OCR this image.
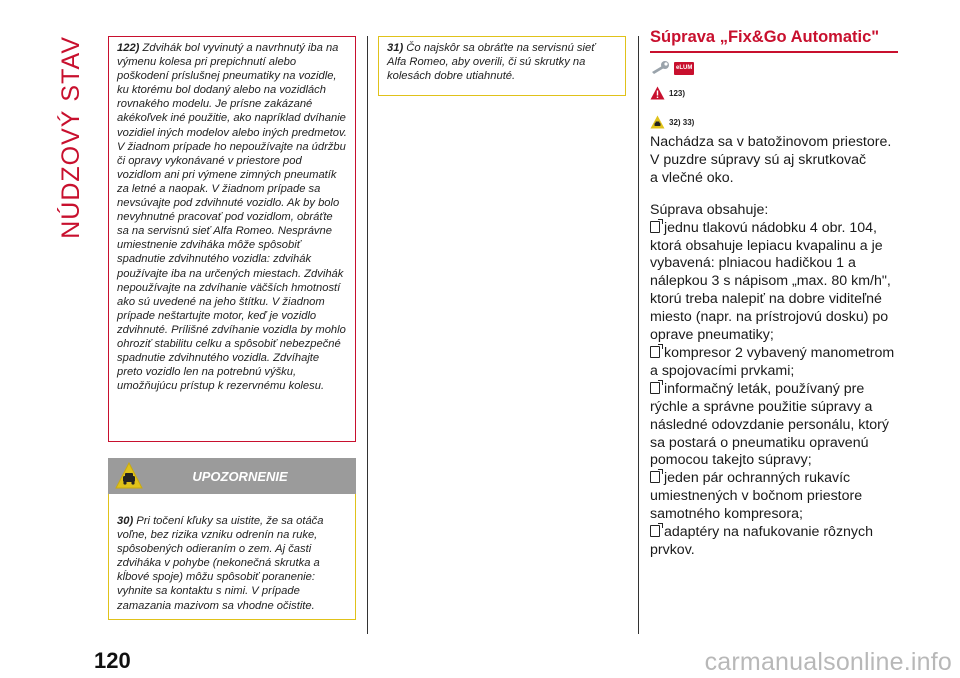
NÚDZOVÝ STAV	122) Zdvihák bol vyvinutý a navrhnutý iba na výmenu kolesa pri prepichnutí alebo poškodení príslušnej pneumatiky na vozidle, ku ktorému bol dodaný alebo na vozidlách rovnakého modelu. Je prísne zakázané akékoľvek iné použitie, ako napríklad dvíhanie vozidiel iných modelov alebo iných predmetov. V žiadnom prípade ho nepoužívajte na údržbu či opravy vykonávané v priestore pod vozidlom ani pri výmene zimných pneumatík za letné a naopak. V žiadnom prípade sa nevsúvajte pod zdvihnuté vozidlo. Ak by bolo nevyhnutné pracovať pod vozidlom, obráťte sa na servisnú sieť Alfa Romeo. Nesprávne umiestnenie zdviháka môže spôsobiť spadnutie zdvihnutého vozidla: zdvihák používajte iba na určených miestach. Zdvihák nepoužívajte na zdvíhanie väčších hmotností ako sú uvedené na jeho štítku. V žiadnom prípade neštartujte motor, keď je vozidlo zdvihnuté. Prílišné zdvíhanie vozidla by mohlo ohroziť stabilitu celku a spôsobiť nebezpečné spadnutie zdvihnutého vozidla. Zdvíhajte preto vozidlo len na potrebnú výšku, umožňujúcu prístup k rezervnému kolesu.

UPOZORNENIE

30) Pri točení kľuky sa uistite, že sa otáča voľne, bez rizika vzniku odrenín na ruke, spôsobených odieraním o zem. Aj časti zdviháka v pohybe (nekonečná skrutka a kĺbové spoje) môžu spôsobiť poranenie: vyhnite sa kontaktu s nimi. V prípade zamazania mazivom sa vhodne očistite.

31) Čo najskôr sa obráťte na servisnú sieť Alfa Romeo, aby overili, či sú skrutky na kolesách dobre utiahnuté.

Súprava „Fix&Go Automatic"
eLUM
123)
32) 33)

Nachádza sa v batožinovom priestore.

V puzdre súpravy sú aj skrutkovač

a vlečné oko.

Súprava obsahuje:

jednu tlakovú nádobku 4 obr. 104, ktorá obsahuje lepiacu kvapalinu a je vybavená: plniacou hadičkou 1 a nálepkou 3 s nápisom „max. 80 km/h", ktorú treba nalepiť na dobre viditeľné miesto (napr. na prístrojovú dosku) po oprave pneumatiky;

kompresor 2 vybavený manometrom a spojovacími prvkami;

informačný leták, používaný pre rýchle a správne použitie súpravy a následné odovzdanie personálu, ktorý sa postará o pneumatiku opravenú pomocou takejto súpravy;

jeden pár ochranných rukavíc umiestnených v bočnom priestore samotného kompresora;

adaptéry na nafukovanie rôznych prvkov.

120	carmanualsonline.info
